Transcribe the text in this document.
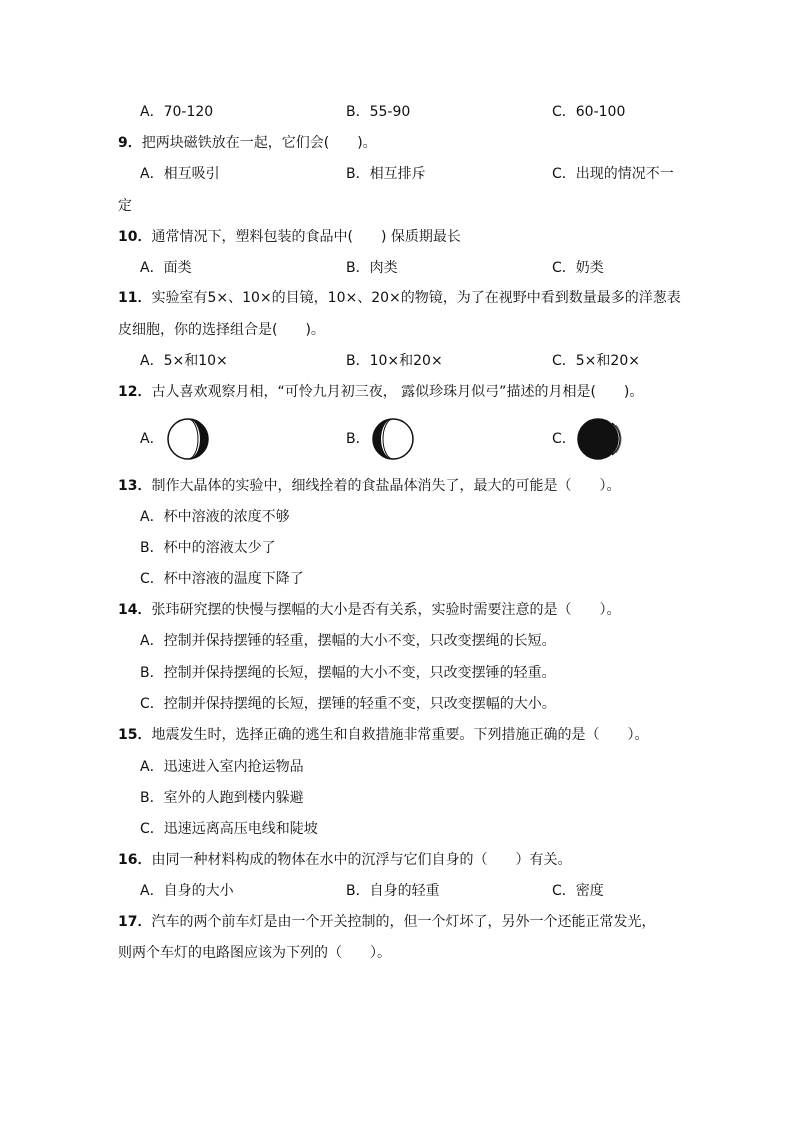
A．70-120	B．55-90	C．60-100
9．把两块磁铁放在一起，它们会(　　)。
A．相互吸引	B．相互排斥	C．出现的情况不一
定
10．通常情况下，塑料包装的食品中(　　) 保质期最长
A．面类	B．肉类	C．奶类
11．实验室有5×、10×的目镜，10×、20×的物镜，为了在视野中看到数量最多的洋葱表
皮细胞，你的选择组合是(　　)。
A．5×和10×	B．10×和20×	C．5×和20×
12．古人喜欢观察月相，“可怜九月初三夜， 露似珍珠月似弓”描述的月相是(　　)。
A．	B．	C．
13．制作大晶体的实验中，细线拴着的食盐晶体消失了，最大的可能是（　　）。
A．杯中溶液的浓度不够
B．杯中的溶液太少了
C．杯中溶液的温度下降了
14．张玮研究摆的快慢与摆幅的大小是否有关系，实验时需要注意的是（　　）。
A．控制并保持摆锤的轻重，摆幅的大小不变，只改变摆绳的长短。
B．控制并保持摆绳的长短，摆幅的大小不变，只改变摆锤的轻重。
C．控制并保持摆绳的长短，摆锤的轻重不变，只改变摆幅的大小。
15．地震发生时，选择正确的逃生和自救措施非常重要。下列措施正确的是（　　）。
A．迅速进入室内抢运物品
B．室外的人跑到楼内躲避
C．迅速远离高压电线和陡坡
16．由同一种材料构成的物体在水中的沉浮与它们自身的（　　）有关。
A．自身的大小	B．自身的轻重	C．密度
17．汽车的两个前车灯是由一个开关控制的，但一个灯坏了，另外一个还能正常发光，
则两个车灯的电路图应该为下列的（　　）。
